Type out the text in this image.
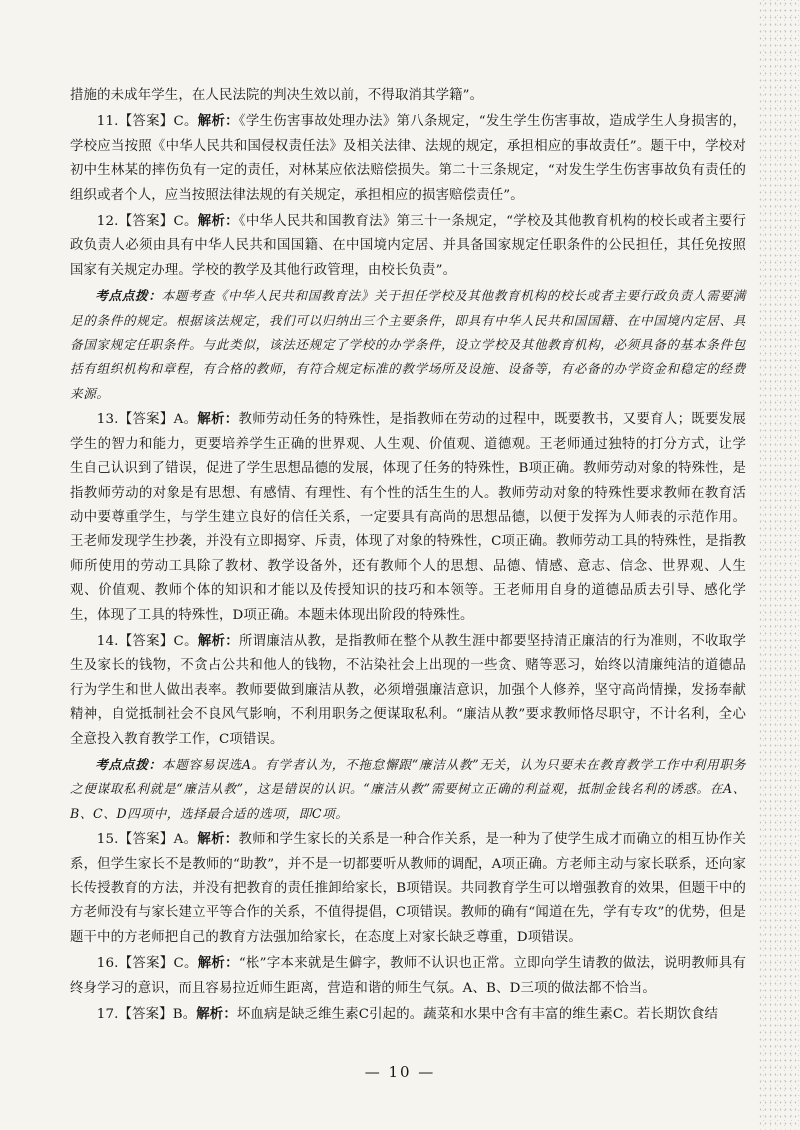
措施的未成年学生，在人民法院的判决生效以前，不得取消其学籍”。

11.【答案】C。解析：《学生伤害事故处理办法》第八条规定，“发生学生伤害事故，造成学生人身损害的，学校应当按照《中华人民共和国侵权责任法》及相关法律、法规的规定，承担相应的事故责任”。题干中，学校对初中生林某的摔伤负有一定的责任，对林某应依法赔偿损失。第二十三条规定，“对发生学生伤害事故负有责任的组织或者个人，应当按照法律法规的有关规定，承担相应的损害赔偿责任”。

12.【答案】C。解析：《中华人民共和国教育法》第三十一条规定，“学校及其他教育机构的校长或者主要行政负责人必须由具有中华人民共和国国籍、在中国境内定居、并具备国家规定任职条件的公民担任，其任免按照国家有关规定办理。学校的教学及其他行政管理，由校长负责”。

考点点拨：本题考查《中华人民共和国教育法》关于担任学校及其他教育机构的校长或者主要行政负责人需要满足的条件的规定。根据该法规定，我们可以归纳出三个主要条件，即具有中华人民共和国国籍、在中国境内定居、具备国家规定任职条件。与此类似，该法还规定了学校的办学条件，设立学校及其他教育机构，必须具备的基本条件包括有组织机构和章程，有合格的教师，有符合规定标准的教学场所及设施、设备等，有必备的办学资金和稳定的经费来源。

13.【答案】A。解析：教师劳动任务的特殊性，是指教师在劳动的过程中，既要教书，又要育人；既要发展学生的智力和能力，更要培养学生正确的世界观、人生观、价值观、道德观。王老师通过独特的打分方式，让学生自己认识到了错误，促进了学生思想品德的发展，体现了任务的特殊性，B项正确。教师劳动对象的特殊性，是指教师劳动的对象是有思想、有感情、有理性、有个性的活生生的人。教师劳动对象的特殊性要求教师在教育活动中要尊重学生，与学生建立良好的信任关系，一定要具有高尚的思想品德，以便于发挥为人师表的示范作用。王老师发现学生抄袭，并没有立即揭穿、斥责，体现了对象的特殊性，C项正确。教师劳动工具的特殊性，是指教师所使用的劳动工具除了教材、教学设备外，还有教师个人的思想、品德、情感、意志、信念、世界观、人生观、价值观、教师个体的知识和才能以及传授知识的技巧和本领等。王老师用自身的道德品质去引导、感化学生，体现了工具的特殊性，D项正确。本题未体现出阶段的特殊性。

14.【答案】C。解析：所谓廉洁从教，是指教师在整个从教生涯中都要坚持清正廉洁的行为准则，不收取学生及家长的钱物，不贪占公共和他人的钱物，不沾染社会上出现的一些贪、赌等恶习，始终以清廉纯洁的道德品行为学生和世人做出表率。教师要做到廉洁从教，必须增强廉洁意识，加强个人修养，坚守高尚情操，发扬奉献精神，自觉抵制社会不良风气影响，不利用职务之便谋取私利。“廉洁从教”要求教师恪尽职守，不计名利，全心全意投入教育教学工作，C项错误。

考点点拨：本题容易误选A。有学者认为，不拖怠懈跟“廉洁从教”无关，认为只要未在教育教学工作中利用职务之便谋取私利就是“廉洁从教”，这是错误的认识。“廉洁从教”需要树立正确的利益观，抵制金钱名利的诱惑。在A、B、C、D四项中，选择最合适的选项，即C项。

15.【答案】A。解析：教师和学生家长的关系是一种合作关系，是一种为了使学生成才而确立的相互协作关系，但学生家长不是教师的“助教”，并不是一切都要听从教师的调配，A项正确。方老师主动与家长联系，还向家长传授教育的方法，并没有把教育的责任推卸给家长，B项错误。共同教育学生可以增强教育的效果，但题干中的方老师没有与家长建立平等合作的关系，不值得提倡，C项错误。教师的确有“闻道在先，学有专攻”的优势，但是题干中的方老师把自己的教育方法强加给家长，在态度上对家长缺乏尊重，D项错误。

16.【答案】C。解析：“枨”字本来就是生僻字，教师不认识也正常。立即向学生请教的做法，说明教师具有终身学习的意识，而且容易拉近师生距离，营造和谐的师生气氛。A、B、D三项的做法都不恰当。

17.【答案】B。解析：坏血病是缺乏维生素C引起的。蔬菜和水果中含有丰富的维生素C。若长期饮食结

— 10 —
